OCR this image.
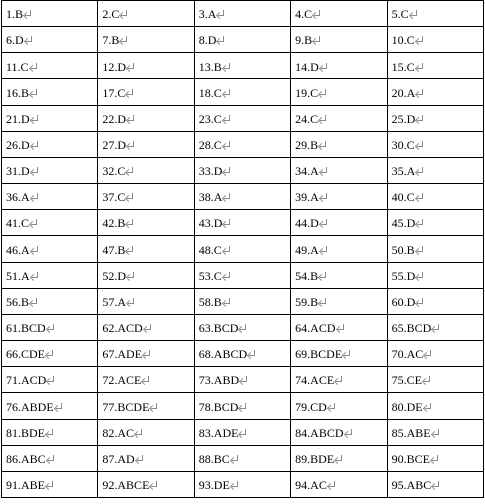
1.B	2.C	3.A	4.C	5.C

6.D	7.B	8.D	9.B	10.C

11.C	12.D	13.B	14.D	15.C

16.B	17.C	18.C	19.C	20.A

21.D	22.D	23.C	24.C	25.D

26.D	27.D	28.C	29.B	30.C

31.D	32.C	33.D	34.A	35.A

36.A	37.C	38.A	39.A	40.C

41.C	42.B	43.D	44.D	45.D

46.A	47.B	48.C	49.A	50.B

51.A	52.D	53.C	54.B	55.D

56.B	57.A	58.B	59.B	60.D

61.BCD	62.ACD	63.BCD	64.ACD	65.BCD

66.CDE	67.ADE	68.ABCD	69.BCDE	70.AC

71.ACD	72.ACE	73.ABD	74.ACE	75.CE

76.ABDE	77.BCDE	78.BCD	79.CD	80.DE

81.BDE	82.AC	83.ADE	84.ABCD	85.ABE

86.ABC	87.AD	88.BC	89.BDE	90.BCE

91.ABE	92.ABCE	93.DE	94.AC	95.ABC
